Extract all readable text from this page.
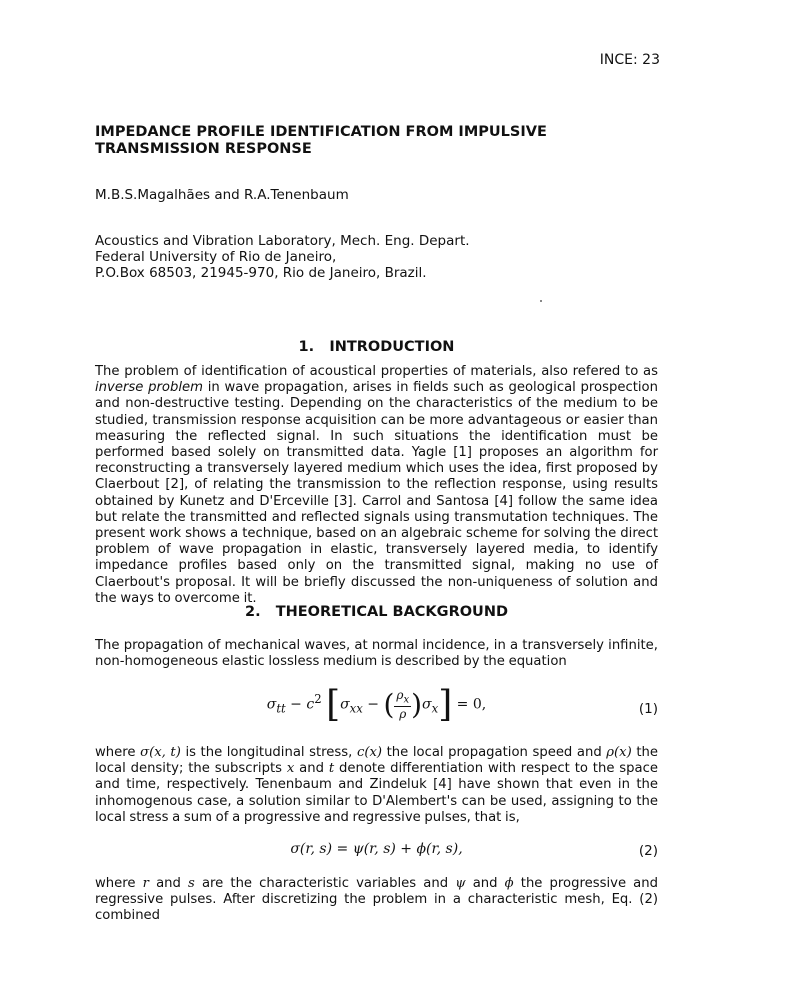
INCE: 23
IMPEDANCE PROFILE IDENTIFICATION FROM IMPULSIVE
TRANSMISSION RESPONSE
M.B.S.Magalhães and R.A.Tenenbaum
Acoustics and Vibration Laboratory, Mech. Eng. Depart.
Federal University of Rio de Janeiro,
P.O.Box 68503, 21945-970, Rio de Janeiro, Brazil.
1. INTRODUCTION
The problem of identification of acoustical properties of materials, also refered to as inverse problem in wave propagation, arises in fields such as geological prospection and non-destructive testing. Depending on the characteristics of the medium to be studied, transmission response acquisition can be more advantageous or easier than measuring the reflected signal. In such situations the identification must be performed based solely on transmitted data. Yagle [1] proposes an algorithm for reconstructing a transversely layered medium which uses the idea, first proposed by Claerbout [2], of relating the transmission to the reflection response, using results obtained by Kunetz and D'Erceville [3]. Carrol and Santosa [4] follow the same idea but relate the transmitted and reflected signals using transmutation techniques. The present work shows a technique, based on an algebraic scheme for solving the direct problem of wave propagation in elastic, transversely layered media, to identify impedance profiles based only on the transmitted signal, making no use of Claerbout's proposal. It will be briefly discussed the non-uniqueness of solution and the ways to overcome it.
2. THEORETICAL BACKGROUND
The propagation of mechanical waves, at normal incidence, in a transversely infinite, non-homogeneous elastic lossless medium is described by the equation
$\sigma_{tt} - c^2$ [$\sigma_{xx}$ − ( $\frac{\rho_x}{\rho} )\sigma_x] = 0$,	(1)
where σ(x, t) is the longitudinal stress, c(x) the local propagation speed and ρ(x) the local density; the subscripts x and t denote differentiation with respect to the space and time, respectively. Tenenbaum and Zindeluk [4] have shown that even in the inhomogenous case, a solution similar to D'Alembert's can be used, assigning to the local stress a sum of a progressive and regressive pulses, that is,
σ(r, s) = ψ(r, s) + ϕ(r, s),	(2)
where r and s are the characteristic variables and ψ and ϕ the progressive and regressive pulses. After discretizing the problem in a characteristic mesh, Eq. (2) combined
